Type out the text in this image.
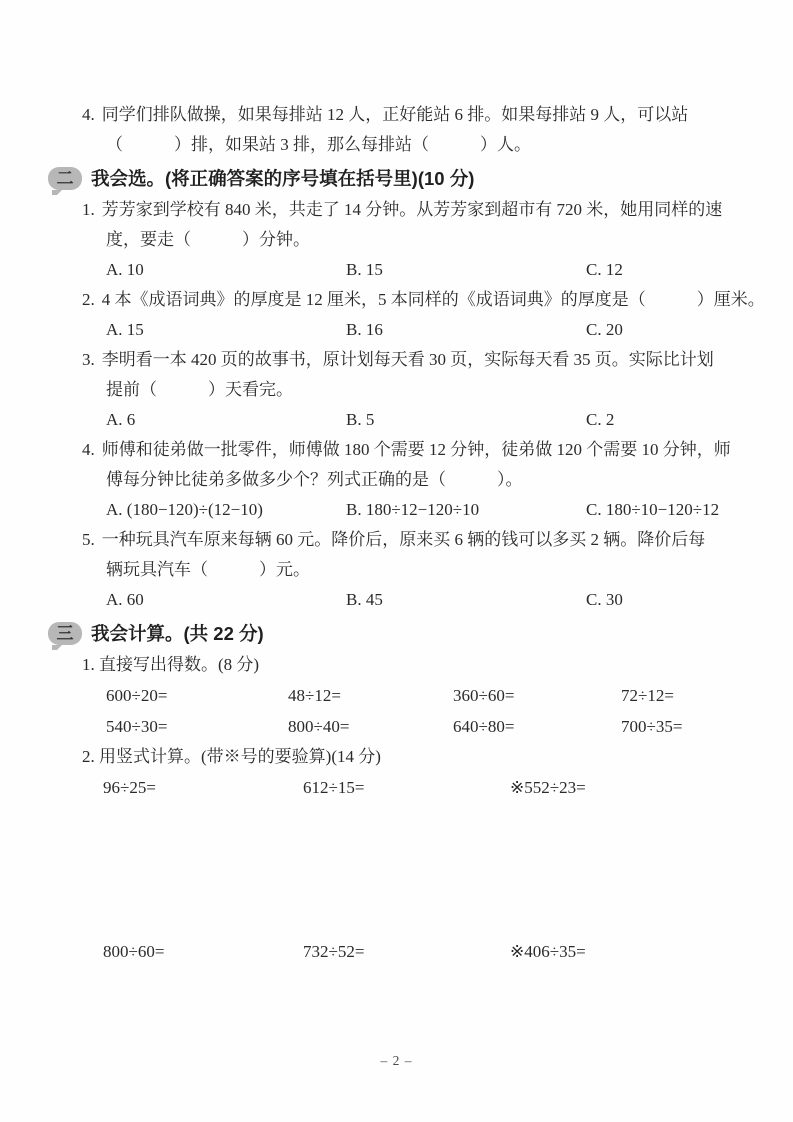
4. 同学们排队做操，如果每排站 12 人，正好能站 6 排。如果每排站 9 人，可以站
（　　　）排，如果站 3 排，那么每排站（　　　）人。
二 我会选。(将正确答案的序号填在括号里)(10 分)
1. 芳芳家到学校有 840 米，共走了 14 分钟。从芳芳家到超市有 720 米，她用同样的速
度，要走（　　　）分钟。
A. 10	B. 15	C. 12
2. 4 本《成语词典》的厚度是 12 厘米，5 本同样的《成语词典》的厚度是（　　　）厘米。
A. 15	B. 16	C. 20
3. 李明看一本 420 页的故事书，原计划每天看 30 页，实际每天看 35 页。实际比计划
提前（　　　）天看完。
A. 6	B. 5	C. 2
4. 师傅和徒弟做一批零件，师傅做 180 个需要 12 分钟，徒弟做 120 个需要 10 分钟，师
傅每分钟比徒弟多做多少个？列式正确的是（　　　）。
A. (180−120)÷(12−10)	B. 180÷12−120÷10	C. 180÷10−120÷12
5. 一种玩具汽车原来每辆 60 元。降价后，原来买 6 辆的钱可以多买 2 辆。降价后每
辆玩具汽车（　　　）元。
A. 60	B. 45	C. 30
三 我会计算。(共 22 分)
1. 直接写出得数。(8 分)
600÷20=	48÷12=	360÷60=	72÷12=
540÷30=	800÷40=	640÷80=	700÷35=
2. 用竖式计算。(带※号的要验算)(14 分)
96÷25=	612÷15=	※552÷23=
800÷60=	732÷52=	※406÷35=
– 2 –
